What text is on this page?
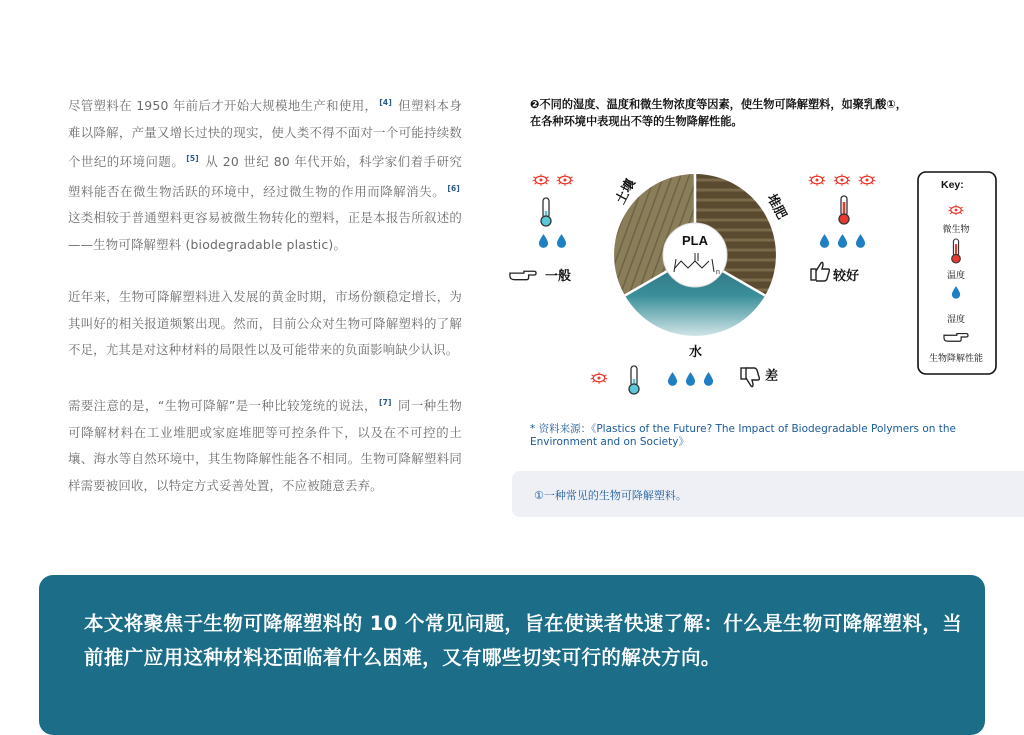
尽管塑料在 1950 年前后才开始大规模地生产和使用， [4] 但塑料本身难以降解，产量又增长过快的现实，使人类不得不面对一个可能持续数个世纪的环境问题。 [5] 从 20 世纪 80 年代开始，科学家们着手研究塑料能否在微生物活跃的环境中，经过微生物的作用而降解消失。 [6] 这类相较于普通塑料更容易被微生物转化的塑料，正是本报告所叙述的——生物可降解塑料 (biodegradable plastic)。

近年来，生物可降解塑料进入发展的黄金时期，市场份额稳定增长，为其叫好的相关报道频繁出现。然而，目前公众对生物可降解塑料的了解不足，尤其是对这种材料的局限性以及可能带来的负面影响缺少认识。

需要注意的是，“生物可降解”是一种比较笼统的说法， [7] 同一种生物可降解材料在工业堆肥或家庭堆肥等可控条件下，以及在不可控的土壤、海水等自然环境中，其生物降解性能各不相同。生物可降解塑料同样需要被回收，以特定方式妥善处置，不应被随意丢弃。

❷不同的湿度、温度和微生物浓度等因素，使生物可降解塑料，如聚乳酸①，
在各种环境中表现出不等的生物降解性能。
PLA
n
土壤	堆肥
水
一般	较好
差
Key:
微生物
温度
湿度
生物降解性能
* 资料来源：《Plastics of the Future? The Impact of Biodegradable Polymers on the Environment and on Society》
①一种常见的生物可降解塑料。

本文将聚焦于生物可降解塑料的 10 个常见问题，旨在使读者快速了解：什么是生物可降解塑料，当前推广应用这种材料还面临着什么困难，又有哪些切实可行的解决方向。
